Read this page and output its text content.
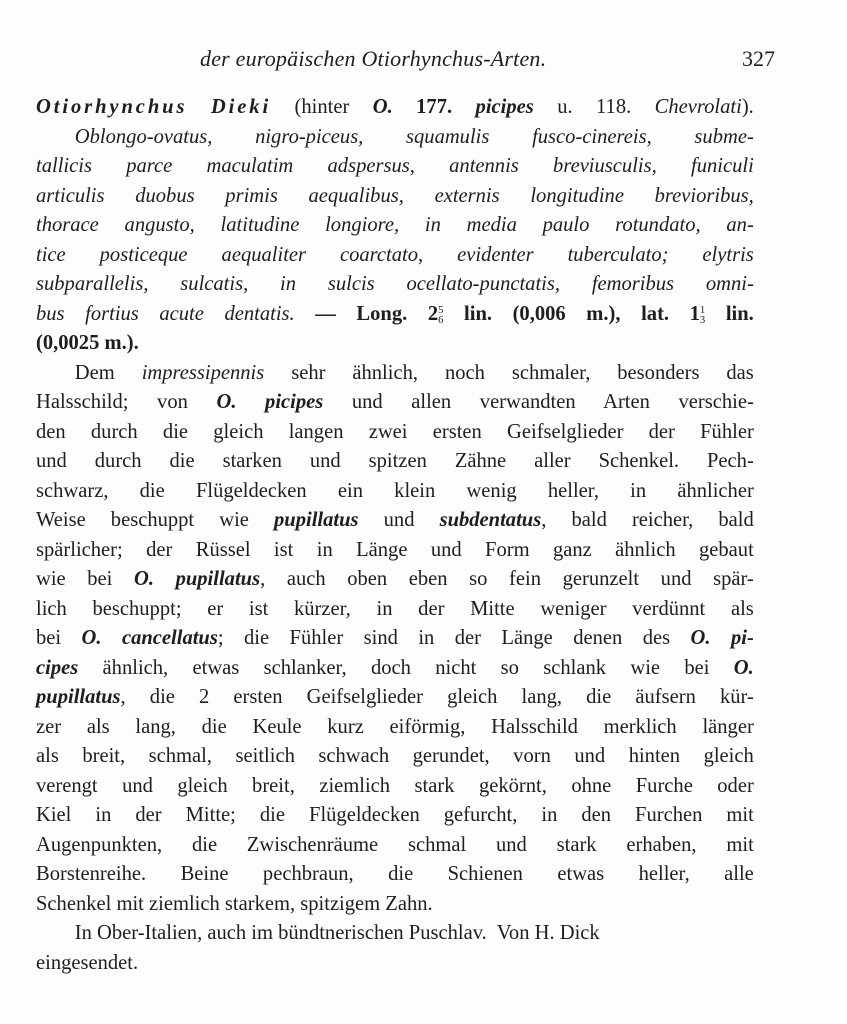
der europäischen Otiorhynchus-Arten.	327
Otiorhynchus Dieki (hinter O. 177. picipes u. 118. Chevrolati).
Oblongo-ovatus, nigro-piceus, squamulis fusco-cinereis, subme-
tallicis parce maculatim adspersus, antennis breviusculis, funiculi
articulis duobus primis aequalibus, externis longitudine brevioribus,
thorace angusto, latitudine longiore, in media paulo rotundato, an-
tice posticeque aequaliter coarctato, evidenter tuberculato; elytris
subparallelis, sulcatis, in sulcis ocellato-punctatis, femoribus omni-
bus fortius acute dentatis. — Long. 2 5
6 lin. (0,006 m.), lat. 1 1
3 lin.
(0,0025 m.).
Dem impressipennis sehr ähnlich, noch schmaler, besonders das
Halsschild; von O. picipes und allen verwandten Arten verschie-
den durch die gleich langen zwei ersten Geifselglieder der Fühler
und durch die starken und spitzen Zähne aller Schenkel. Pech-
schwarz, die Flügeldecken ein klein wenig heller, in ähnlicher
Weise beschuppt wie pupillatus und subdentatus, bald reicher, bald
spärlicher; der Rüssel ist in Länge und Form ganz ähnlich gebaut
wie bei O. pupillatus, auch oben eben so fein gerunzelt und spär-
lich beschuppt; er ist kürzer, in der Mitte weniger verdünnt als
bei O. cancellatus; die Fühler sind in der Länge denen des O. pi-
cipes ähnlich, etwas schlanker, doch nicht so schlank wie bei O.
pupillatus, die 2 ersten Geifselglieder gleich lang, die äufsern kür-
zer als lang, die Keule kurz eiförmig, Halsschild merklich länger
als breit, schmal, seitlich schwach gerundet, vorn und hinten gleich
verengt und gleich breit, ziemlich stark gekörnt, ohne Furche oder
Kiel in der Mitte; die Flügeldecken gefurcht, in den Furchen mit
Augenpunkten, die Zwischenräume schmal und stark erhaben, mit
Borstenreihe. Beine pechbraun, die Schienen etwas heller, alle
Schenkel mit ziemlich starkem, spitzigem Zahn.
In Ober-Italien, auch im bündtnerischen Puschlav.  Von H. Dick
eingesendet.
